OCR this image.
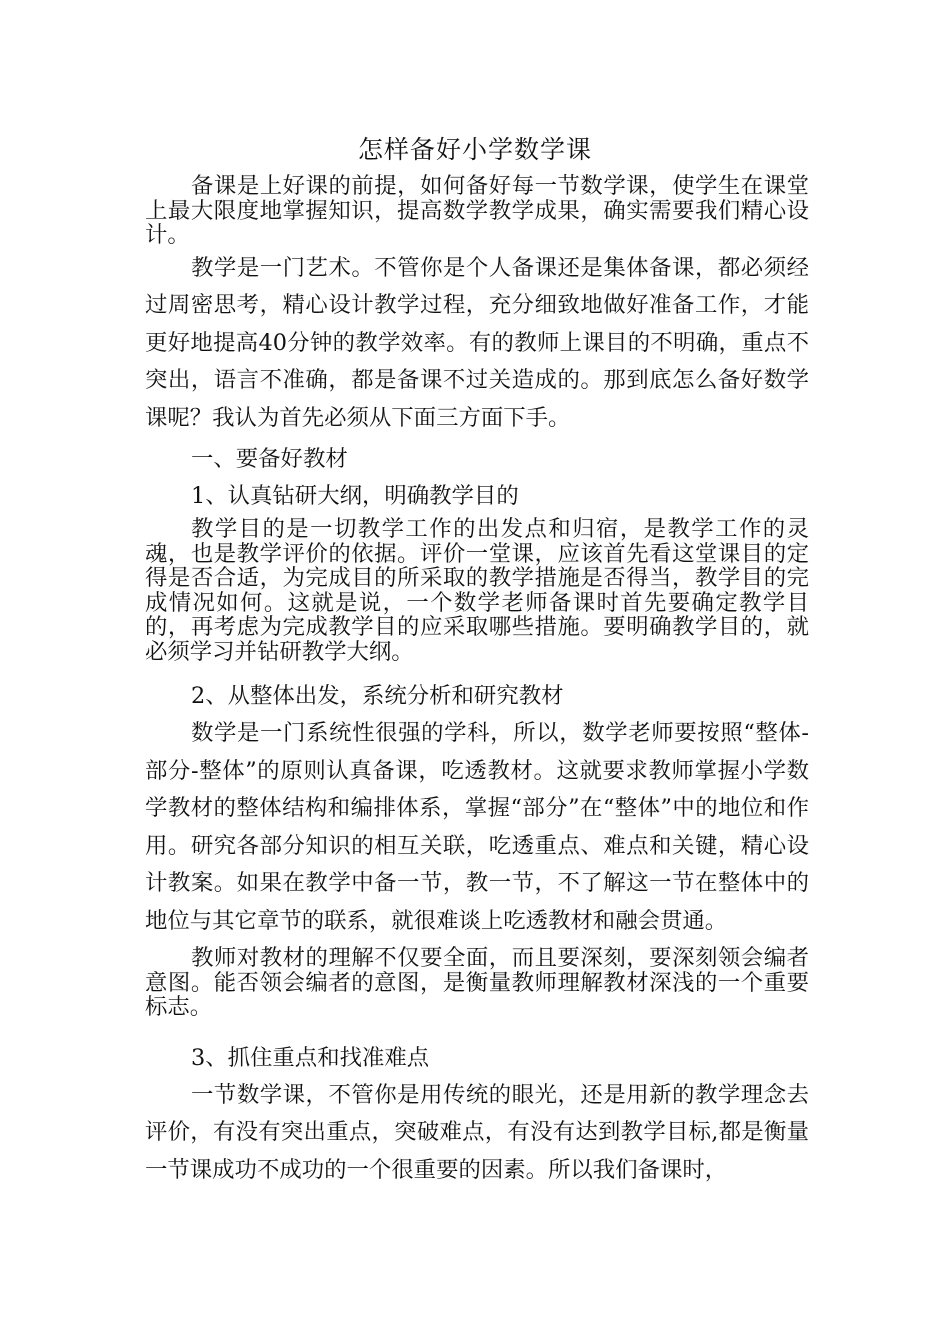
怎样备好小学数学课

备课是上好课的前提，如何备好每一节数学课，使学生在课堂上最大限度地掌握知识，提高数学教学成果，确实需要我们精心设计。

教学是一门艺术。不管你是个人备课还是集体备课，都必须经过周密思考，精心设计教学过程，充分细致地做好准备工作，才能更好地提高40分钟的教学效率。有的教师上课目的不明确，重点不突出，语言不准确，都是备课不过关造成的。那到底怎么备好数学课呢？我认为首先必须从下面三方面下手。

一、要备好教材

1、认真钻研大纲，明确教学目的

教学目的是一切教学工作的出发点和归宿，是教学工作的灵魂，也是教学评价的依据。评价一堂课，应该首先看这堂课目的定得是否合适，为完成目的所采取的教学措施是否得当，教学目的完成情况如何。这就是说，一个数学老师备课时首先要确定教学目的，再考虑为完成教学目的应采取哪些措施。要明确教学目的，就必须学习并钻研教学大纲。

2、从整体出发，系统分析和研究教材

数学是一门系统性很强的学科，所以，数学老师要按照“整体-部分-整体”的原则认真备课，吃透教材。这就要求教师掌握小学数学教材的整体结构和编排体系，掌握“部分”在“整体”中的地位和作用。研究各部分知识的相互关联，吃透重点、难点和关键，精心设计教案。如果在教学中备一节，教一节，不了解这一节在整体中的地位与其它章节的联系，就很难谈上吃透教材和融会贯通。

教师对教材的理解不仅要全面，而且要深刻，要深刻领会编者意图。能否领会编者的意图，是衡量教师理解教材深浅的一个重要标志。

3、抓住重点和找准难点

一节数学课，不管你是用传统的眼光，还是用新的教学理念去评价，有没有突出重点，突破难点，有没有达到教学目标,都是衡量一节课成功不成功的一个很重要的因素。所以我们备课时，
